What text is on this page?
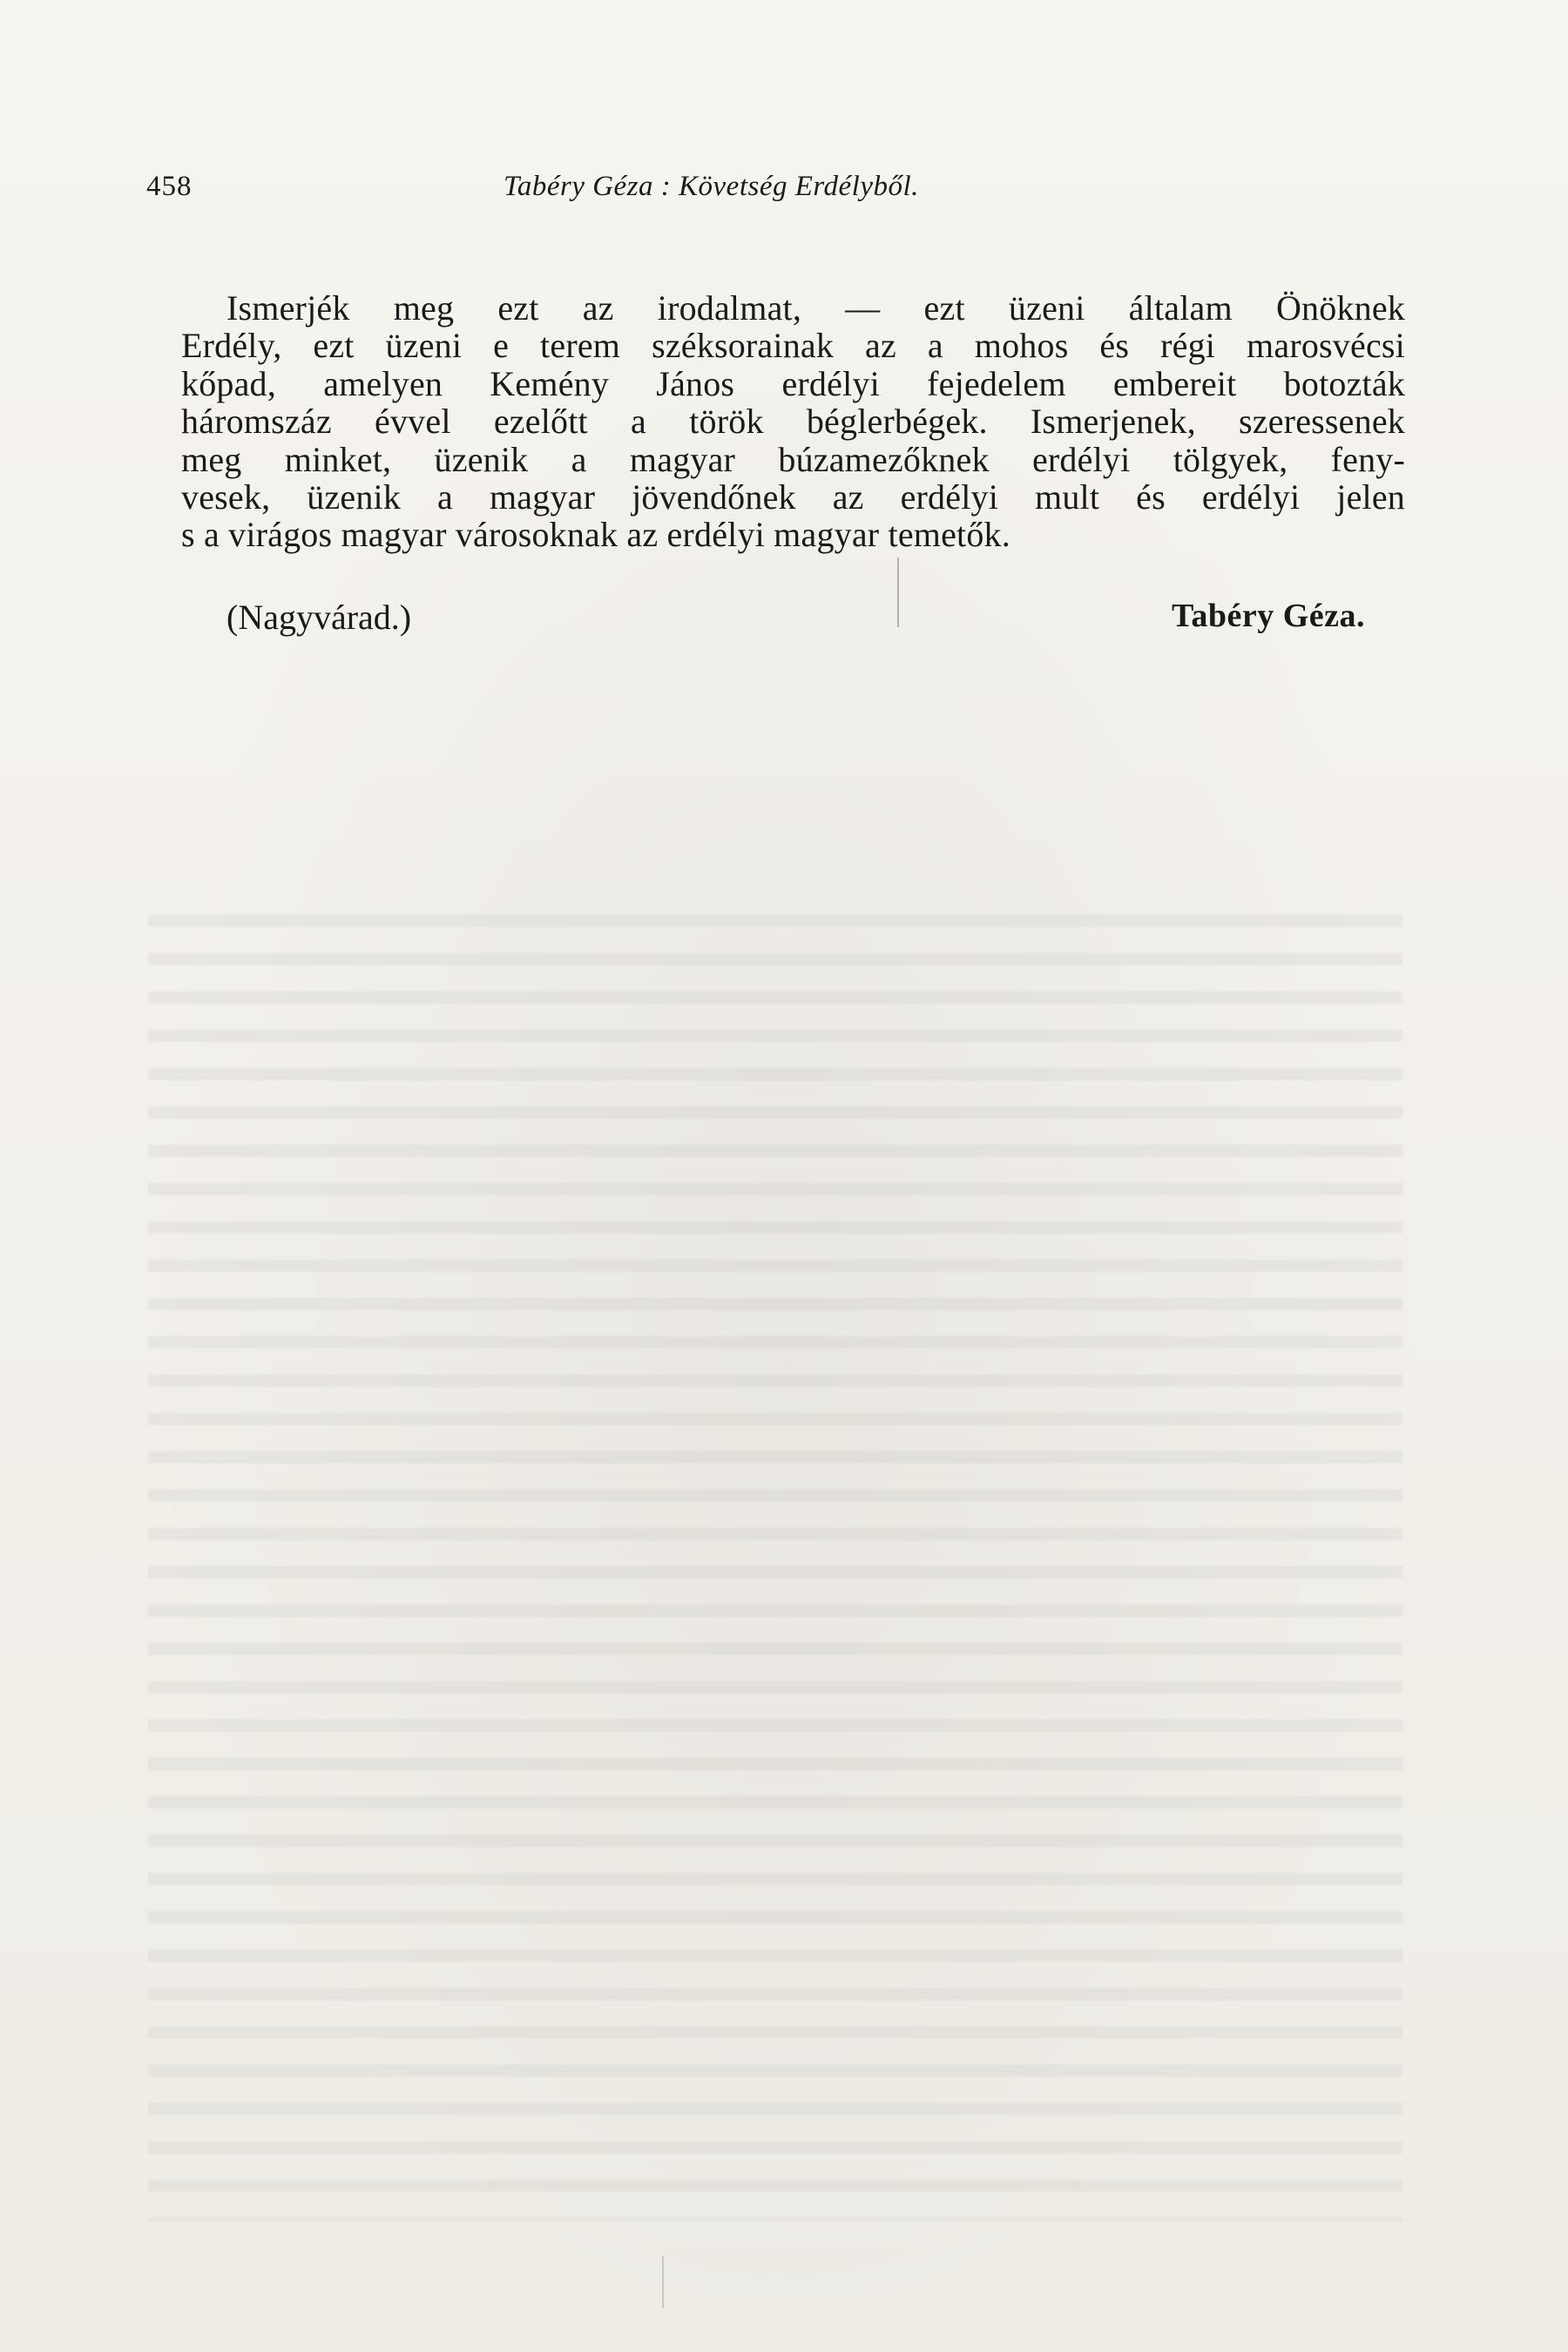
458	Tabéry Géza : Követség Erdélyből.
Ismerjék meg ezt az irodalmat, — ezt üzeni általam Önöknek
Erdély, ezt üzeni e terem széksorainak az a mohos és régi marosvécsi
kőpad, amelyen Kemény János erdélyi fejedelem embereit botozták
háromszáz évvel ezelőtt a török béglerbégek. Ismerjenek, szeressenek
meg minket, üzenik a magyar búzamezőknek erdélyi tölgyek, feny-
vesek, üzenik a magyar jövendőnek az erdélyi mult és erdélyi jelen
s a virágos magyar városoknak az erdélyi magyar temetők.
(Nagyvárad.)	Tabéry Géza.
